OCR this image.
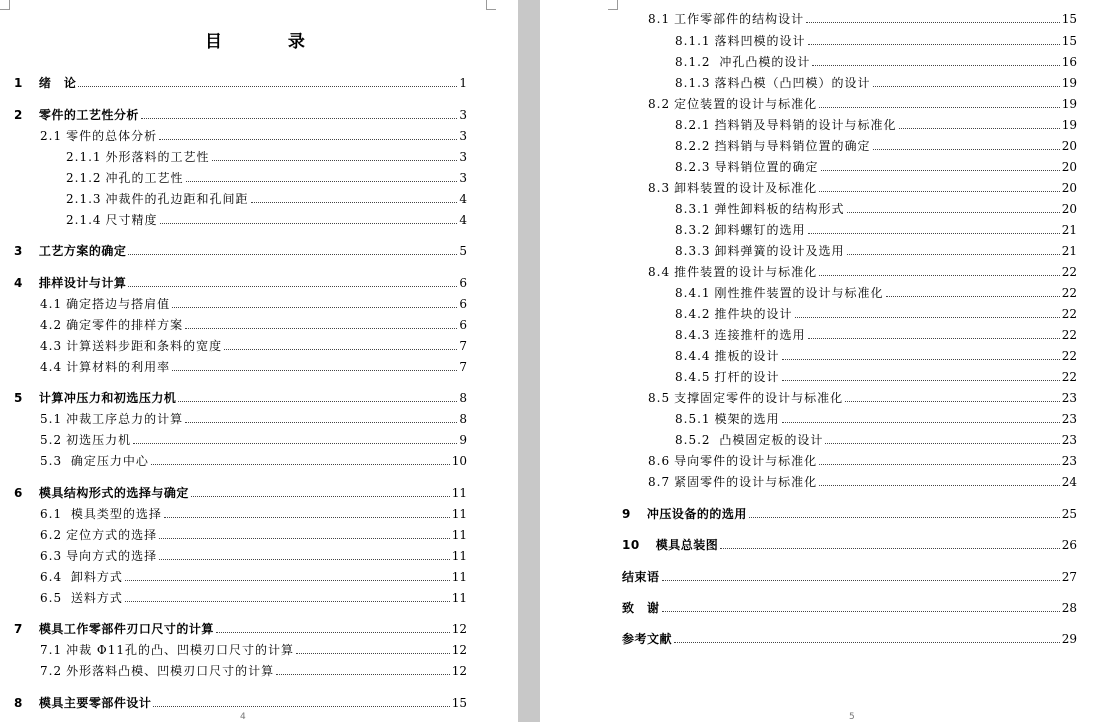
目 录
1 绪　论	1
2 零件的工艺性分析	3
2.1 零件的总体分析	3
2.1.1 外形落料的工艺性	3
2.1.2 冲孔的工艺性	3
2.1.3 冲裁件的孔边距和孔间距	4
2.1.4 尺寸精度	4
3 工艺方案的确定	5
4 排样设计与计算	6
4.1 确定搭边与搭肩值	6
4.2 确定零件的排样方案	6
4.3 计算送料步距和条料的宽度	7
4.4 计算材料的利用率	7
5 计算冲压力和初选压力机	8
5.1 冲裁工序总力的计算	8
5.2 初选压力机	9
5.3 确定压力中心	10
6 模具结构形式的选择与确定	11
6.1 模具类型的选择	11
6.2 定位方式的选择	11
6.3 导向方式的选择	11
6.4 卸料方式	11
6.5 送料方式	11
7 模具工作零部件刃口尺寸的计算	12
7.1 冲裁 Φ11孔的凸、凹模刃口尺寸的计算	12
7.2 外形落料凸模、凹模刃口尺寸的计算	12
8 模具主要零部件设计	15
4
8.1 工作零部件的结构设计	15
8.1.1 落料凹模的设计	15
8.1.2 冲孔凸模的设计	16
8.1.3 落料凸模（凸凹模）的设计	19
8.2 定位装置的设计与标准化	19
8.2.1 挡料销及导料销的设计与标准化	19
8.2.2 挡料销与导料销位置的确定	20
8.2.3 导料销位置的确定	20
8.3 卸料装置的设计及标准化	20
8.3.1 弹性卸料板的结构形式	20
8.3.2 卸料螺钉的选用	21
8.3.3 卸料弹簧的设计及选用	21
8.4 推件装置的设计与标准化	22
8.4.1 刚性推件装置的设计与标准化	22
8.4.2 推件块的设计	22
8.4.3 连接推杆的选用	22
8.4.4 推板的设计	22
8.4.5 打杆的设计	22
8.5 支撑固定零件的设计与标准化	23
8.5.1 模架的选用	23
8.5.2 凸模固定板的设计	23
8.6 导向零件的设计与标准化	23
8.7 紧固零件的设计与标准化	24
9 冲压设备的的选用	25
10 模具总装图	26
结束语	27
致　谢	28
参考文献	29
5
